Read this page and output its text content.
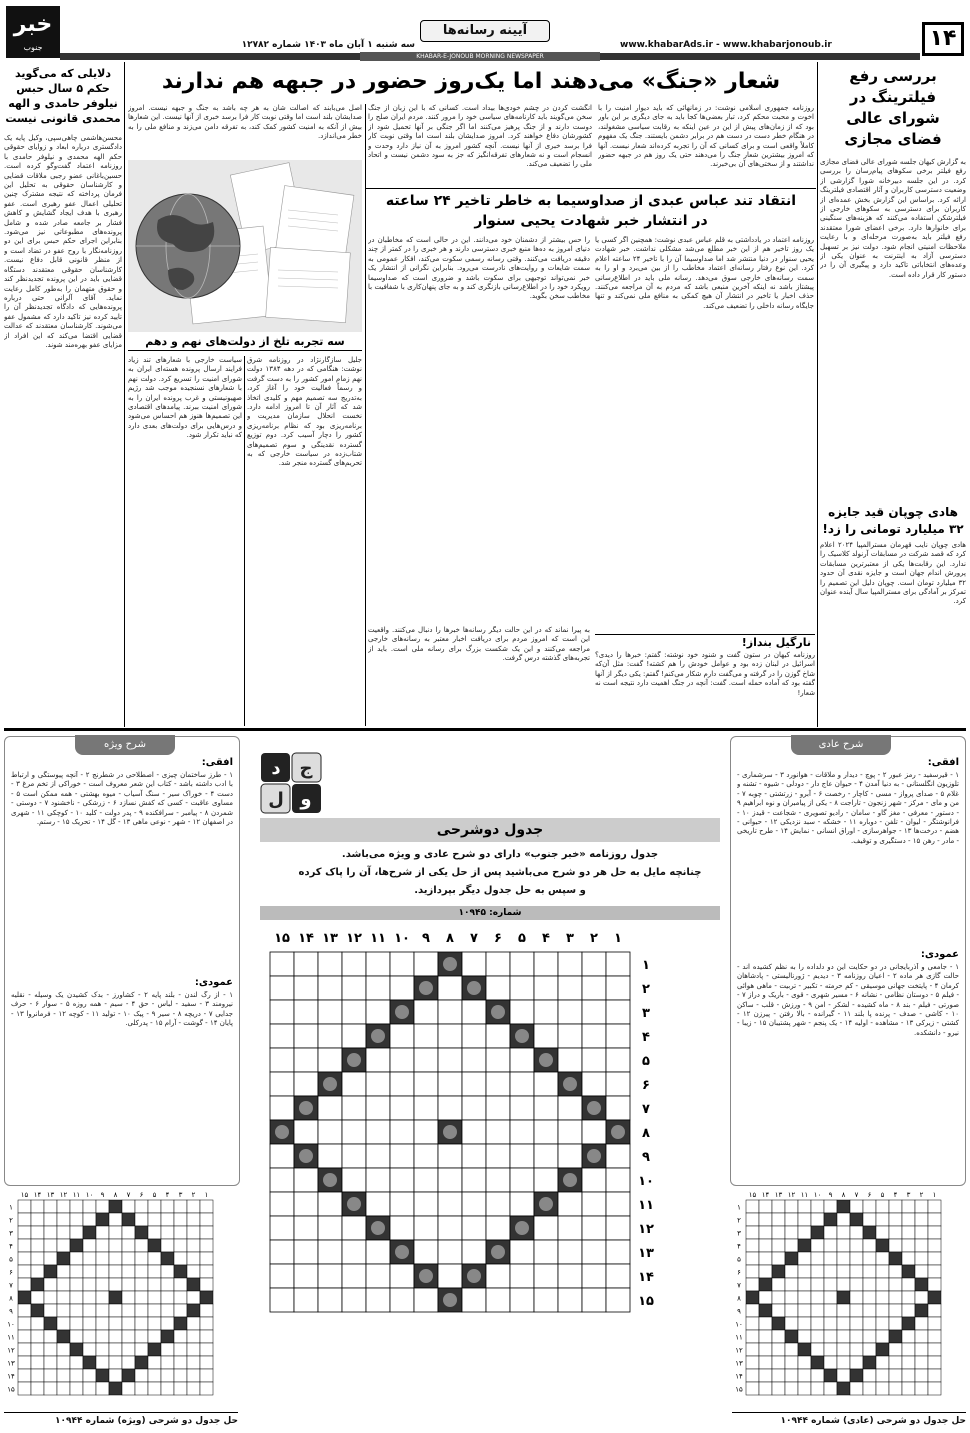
۱۴
www.khabarAds.ir - www.khabarjonoub.ir
آیینه رسانه‌ها
سه شنبه ۱ آبان ماه ۱۴۰۳ شماره ۱۲۷۸۲
KHABAR-E-JONOUB MORNING NEWSPAPER
خبر
جنوب
بررسی رفع فیلترینگ در شورای عالی فضای مجازی
به گزارش کیهان جلسه شورای عالی فضای مجازی رفع فیلتر برخی سکوهای پیام‌رسان را بررسی کرد. در این جلسه دبیرخانه شورا گزارشی از وضعیت دسترسی کاربران و آثار اقتصادی فیلترینگ ارائه کرد. براساس این گزارش بخش عمده‌ای از کاربران برای دسترسی به سکوهای خارجی از فیلترشکن استفاده می‌کنند که هزینه‌های سنگینی برای خانوارها دارد. برخی اعضای شورا معتقدند رفع فیلتر باید به‌صورت مرحله‌ای و با رعایت ملاحظات امنیتی انجام شود. دولت نیز بر تسهیل دسترسی آزاد به اینترنت به عنوان یکی از وعده‌های انتخاباتی تاکید دارد و پیگیری آن را در دستور کار قرار داده است.
هادی چوپان قید جایزه ۳۲ میلیارد تومانی را زد!
هادی چوپان نایب قهرمان مسترالمپیا ۲۰۲۴ اعلام کرد که قصد شرکت در مسابقات آرنولد کلاسیک را ندارد. این رقابت‌ها یکی از معتبرترین مسابقات پرورش اندام جهان است و جایزه نقدی آن حدود ۳۲ میلیارد تومان است. چوپان دلیل این تصمیم را تمرکز بر آمادگی برای مسترالمپیا سال آینده عنوان کرد.
دلایلی که می‌گوید حکم ۵ سال حبس نیلوفر حامدی و الهه محمدی قانونی نیست
محسن‌هاشمی چاهی‌سپی، وکیل پایه یک دادگستری درباره ابعاد و زوایای حقوقی حکم الهه محمدی و نیلوفر حامدی با روزنامه اعتماد گفت‌وگو کرده است. حسین‌باغانی عضو رجبی ملاقات قضایی و کارشناسان حقوقی به تحلیل این فرمان پرداخته که نتیجه مشترک چنین تحلیلی اعمال عفو رهبری است. عفو رهبری با هدف ایجاد گشایش و کاهش فشار بر جامعه صادر شده و شامل پرونده‌های مطبوعاتی نیز می‌شود. بنابراین اجرای حکم حبس برای این دو روزنامه‌نگار با روح عفو در تضاد است و از منظر قانونی قابل دفاع نیست. کارشناسان حقوقی معتقدند دستگاه قضایی باید در این پرونده تجدیدنظر کند و حقوق متهمان را به‌طور کامل رعایت نماید. آقای آلرانی حتی درباره پرونده‌هایی که دادگاه تجدیدنظر آن را تایید کرده نیز تاکید دارد که مشمول عفو می‌شوند. کارشناسان معتقدند که عدالت قضایی اقتضا می‌کند که این افراد از مزایای عفو بهره‌مند شوند.
شعار «جنگ» می‌دهند اما یک‌روز حضور در جبهه هم ندارند
روزنامه جمهوری اسلامی نوشت: در زمانهائی که باید دیوار امنیت را با اخوت و محبت محکم کرد، تبار بعضی‌ها کجا باید به جای دیگری بر این باور بود که از زمان‌های پیش از این در عین اینکه به رقابت سیاسی مشغولند، در هنگام خطر دست در دست هم در برابر دشمن بایستند. جنگ یک مفهوم کاملاً واقعی است و برای کسانی که آن را تجربه کرده‌اند شعار نیست. آنها که امروز بیشترین شعار جنگ را می‌دهند حتی یک روز هم در جبهه حضور نداشتند و از سختی‌های آن بی‌خبرند.
انگشت کردن در چشم خودی‌ها بیداد است. کسانی که با این زبان از جنگ سخن می‌گویند باید کارنامه‌های سیاسی خود را مرور کنند. مردم ایران صلح را دوست دارند و از جنگ پرهیز می‌کنند اما اگر جنگی بر آنها تحمیل شود از کشورشان دفاع خواهند کرد. امروز صدایشان بلند است اما وقتی نوبت کار فرا برسد خبری از آنها نیست. آنچه کشور امروز به آن نیاز دارد وحدت و انسجام است و نه شعارهای تفرقه‌انگیز که جز به سود دشمن نیست و اتحاد ملی را تضعیف می‌کند.
اصل می‌بابند که اصالت شان به هر چه باشد به جنگ و جبهه نیست. امروز صدایشان بلند است اما وقتی نوبت کار فرا برسد خبری از آنها نیست. این شعارها بیش از آنکه به امنیت کشور کمک کند، به تفرقه دامن می‌زند و منافع ملی را به خطر می‌اندازد.
سه تجربه تلخ از دولت‌های نهم و دهم
جلیل سازگارنژاد در روزنامه شرق نوشت: هنگامی که در دهه ۱۳۸۴ دولت نهم زمام امور کشور را به دست گرفت و رسماً فعالیت خود را آغاز کرد، به‌تدریج سه تصمیم مهم و کلیدی اتخاذ شد که آثار آن تا امروز ادامه دارد. نخست انحلال سازمان مدیریت و برنامه‌ریزی بود که نظام برنامه‌ریزی کشور را دچار آسیب کرد. دوم توزیع گسترده نقدینگی و سوم تصمیم‌های شتاب‌زده در سیاست خارجی که به تحریم‌های گسترده منجر شد.
سیاست خارجی با شعارهای تند زیاد فرایند ارسال پرونده هسته‌ای ایران به شورای امنیت را تسریع کرد. دولت نهم با شعارهای نسنجیده موجب شد رژیم صهیونیستی و غرب پرونده ایران را به شورای امنیت ببرند. پیامدهای اقتصادی این تصمیم‌ها هنوز هم احساس می‌شود و درس‌هایی برای دولت‌های بعدی دارد که نباید تکرار شود.
انتقاد تند عباس عبدی از صداوسیما به خاطر تاخیر ۲۴ ساعته
در انتشار خبر شهادت یحیی سنوار
روزنامه اعتماد در یادداشتی به قلم عباس عبدی نوشت: همچنین اگر کسی یا یک روز تاخیر هم از این خبر مطلع می‌شد مشکلی نداشت. خبر شهادت یحیی سنوار در دنیا منتشر شد اما صداوسیما آن را با تاخیر ۲۴ ساعته اعلام کرد. این نوع رفتار رسانه‌ای اعتماد مخاطب را از بین می‌برد و او را به سمت رسانه‌های خارجی سوق می‌دهد. رسانه ملی باید در اطلاع‌رسانی پیشتاز باشد نه اینکه آخرین منبعی باشد که مردم به آن مراجعه می‌کنند. حذف اخبار یا تاخیر در انتشار آن هیچ کمکی به منافع ملی نمی‌کند و تنها جایگاه رسانه داخلی را تضعیف می‌کند.
را حس بیشتر از دشمنان خود می‌دانند. این در حالی است که مخاطبان در دنیای امروز به ده‌ها منبع خبری دسترسی دارند و هر خبری را در کمتر از چند دقیقه دریافت می‌کنند. وقتی رسانه رسمی سکوت می‌کند، افکار عمومی به سمت شایعات و روایت‌های نادرست می‌رود. بنابراین نگرانی از انتشار یک خبر نمی‌تواند توجیهی برای سکوت باشد و ضروری است که صداوسیما رویکرد خود را در اطلاع‌رسانی بازنگری کند و به جای پنهان‌کاری با شفافیت با مخاطب سخن بگوید.
به پیرا نماند که در این حالت دیگر رسانه‌ها خبرها را دنبال می‌کنند. واقعیت این است که امروز مردم برای دریافت اخبار معتبر به رسانه‌های خارجی مراجعه می‌کنند و این یک شکست بزرگ برای رسانه ملی است. باید از تجربه‌های گذشته درس گرفت.
نارگیل بنداز!
روزنامه کیهان در ستون گفت و شنود خود نوشته: گفتم: خبرها را دیدی؟ اسرائیل در لبنان زده بود و عوامل خودش را هم کشته! گفت: مثل آن‌که شاخ گوزن را در گرفته و می‌گفت دارم شکار می‌کنم! گفتم: یکی دیگر از آنها گفته بود که آماده حمله است. گفت: آنچه در جنگ اهمیت دارد نتیجه است نه شعار!
شرح عادی
افقی:
۱ - قیرسفید - رمز عبور ۲ - پوچ - دیدار و ملاقات - هوانورد ۳ - سرشماری - تلوزیون انگلستانی - به دنیا آمدن ۴ - حیوان عاج دار - دودلی - شیوه - تشنه و غلام ۵ - صدای پرواز - مسی - کاچار - رخصت ۶ - آبرو - زرتشتی - چوبه ۷ - من و مای - مرکز - شهر زنجون - تاراجت ۸ - یکی از پیامبران و نوه ابراهیم ۹ - دستور - معرفی - مغز گاو - سامان - رادیو تصویری - شجاعت - قیدز ۱۰ - فرانوشتگر - لیوان - تلفن - دوباره ۱۱ - خشکه - سبد نزدیکی ۱۲ - حیوانی - هضم - درخت‌ها ۱۳ - جواهرسازی - اوراق انسانی - نمایش ۱۴ - طرح تاریخی - مادر - رهن ۱۵ - دستگیری و توقیف.
عمودی:
۱ - جامعی و آذربایجانی در دو حکایت این دو دلداده را به نظم کشیده اند - حالت گازی هر ماده ۲ - اعیان روزنامه ۳ - دیدیم - ژورنالیستی - پادشاهان کرمان ۴ - پایتخت جهانی موسیقی - کم حرمته - تکبیر - تربیت - ماهی هوائی - فیلم ۵ - دوستان نظامی - نشانه ۶ - مسیر شهری - قوی - باریک و دراز ۷ - صورتی - فیلم - بند ۸ - ماه کشیده - لشکر - امن ۹ - ورزش - قلب - ساکن ۱۰ - کاشی - صدف - پرنده پا بلند ۱۱ - گیرانده - بالا رفتن - پیرزن ۱۲ - کشتی - زیرکی ۱۳ - مشاهده - اولیه ۱۴ - یک پنجم - شهر پشتیبان ۱۵ - زیبا - نیرو - دانشکده.
شرح ویژه
افقی:
۱ - طرز ساختمان چیزی - اصطلاحی در شطرنج ۲ - آنچه پیوستگی و ارتباط با ادب داشته باشد - کتاب این شعر معروف است - خوراکی از تخم مرغ ۳ - دست ۴ - خوراک سیر - سنگ آسیاب - میوه بهشتی - همه ممکن است ۵ - مساوی عاقبت - کسی که کفش نسازد ۶ - زرشکی - ناخشنود ۷ - دوستی - شمردن ۸ - پیامبر - سرافکنده ۹ - پدر دولت - کلید ۱۰ - کوچکی ۱۱ - شهری در اصفهان ۱۲ - شهر - نوعی ماهی ۱۳ - گل ۱۴ - تحریک ۱۵ - رستم.
عمودی:
۱ - از رگ لندن - بلند پایه ۲ - کشاورز - بدک کشیدن یک وسیله - نقلیه نیرومند ۳ - سفید - لباس - حق ۴ - سیم - همه روزه ۵ - سوار ۶ - حرف جدایی ۷ - دریچه ۸ - سیر ۹ - پیک ۱۰ - تولید ۱۱ - کوچه ۱۲ - فرمانروا ۱۳ - پایان ۱۴ - گوشت - آرام ۱۵ - پدرکلی.
ج
د
و
ل
جدول دوشرحی
جدول روزنامه «خبر جنوب» دارای دو شرح عادی و ویژه می‌باشد.
چنانچه مایل به حل هر دو شرح می‌باشید پس از حل یکی از شرح‌ها، آن را پاک کرده
و سپس به حل جدول دیگر بپردازید.
شماره: ۱۰۹۴۵
۱
۲
۳
۴
۵
۶
۷
۸
۹
۱۰
۱۱
۱۲
۱۳
۱۴
۱۵
۱
۲
۳
۴
۵
۶
۷
۸
۹
۱۰
۱۱
۱۲
۱۳
۱۴
۱۵
۱
۲
۳
۴
۵
۶
۷
۸
۹
۱۰
۱۱
۱۲
۱۳
۱۴
۱۵
۱
۲
۳
۴
۵
۶
۷
۸
۹
۱۰
۱۱
۱۲
۱۳
۱۴
۱۵
۱
۲
۳
۴
۵
۶
۷
۸
۹
۱۰
۱۱
۱۲
۱۳
۱۴
۱۵
۱
۲
۳
۴
۵
۶
۷
۸
۹
۱۰
۱۱
۱۲
۱۳
۱۴
۱۵
حل جدول دو شرحی (عادی) شماره ۱۰۹۴۴
حل جدول دو شرحی (ویژه) شماره ۱۰۹۴۴
